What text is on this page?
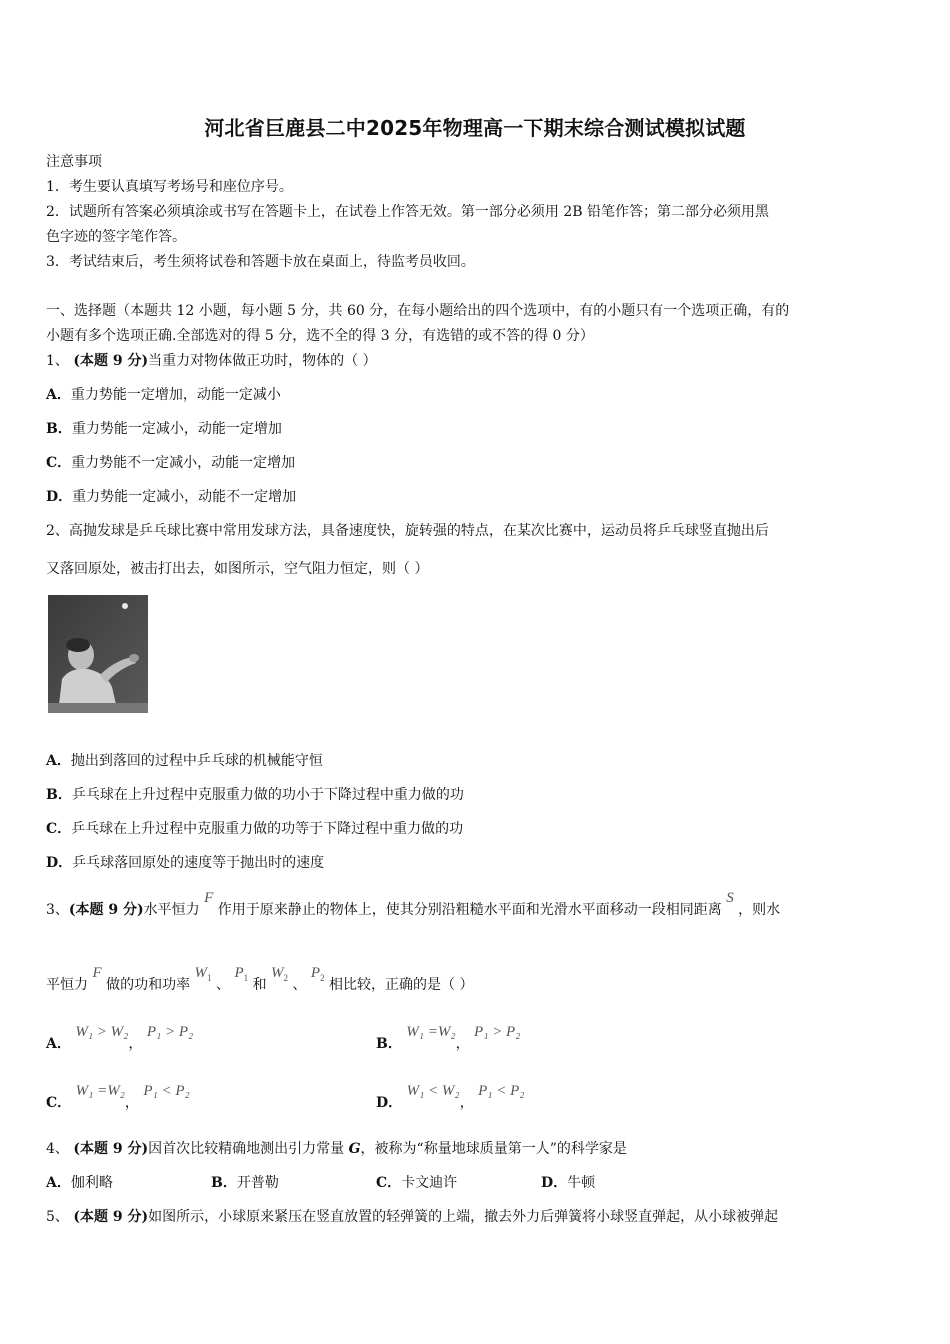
河北省巨鹿县二中2025年物理高一下期末综合测试模拟试题
注意事项
1．考生要认真填写考场号和座位序号。
2．试题所有答案必须填涂或书写在答题卡上，在试卷上作答无效。第一部分必须用 2B 铅笔作答；第二部分必须用黑
色字迹的签字笔作答。
3．考试结束后，考生须将试卷和答题卡放在桌面上，待监考员收回。
一、选择题（本题共 12 小题，每小题 5 分，共 60 分，在每小题给出的四个选项中，有的小题只有一个选项正确，有的
小题有多个选项正确.全部选对的得 5 分，选不全的得 3 分，有选错的或不答的得 0 分）
1、 (本题 9 分)当重力对物体做正功时，物体的（ ）
A．重力势能一定增加，动能一定减小
B．重力势能一定减小，动能一定增加
C．重力势能不一定减小，动能一定增加
D．重力势能一定减小，动能不一定增加
2、高抛发球是乒乓球比赛中常用发球方法，具备速度快，旋转强的特点，在某次比赛中，运动员将乒乓球竖直抛出后
又落回原处，被击打出去，如图所示，空气阻力恒定，则（ ）
A．抛出到落回的过程中乒乓球的机械能守恒
B．乒乓球在上升过程中克服重力做的功小于下降过程中重力做的功
C．乒乓球在上升过程中克服重力做的功等于下降过程中重力做的功
D．乒乓球落回原处的速度等于抛出时的速度
3、(本题 9 分)水平恒力 F 作用于原来静止的物体上，使其分别沿粗糙水平面和光滑水平面移动一段相同距离 S ，则水
平恒力 F 做的功和功率 $W_1$ 、 $P_1$ 和 $W_2$ 、 $P_2$ 相比较，正确的是（ ）
A． W₁ > W₂， P₁ > P₂
B． W₁ =W₂， P₁ > P₂
C． W₁ =W₂， P₁ < P₂
D． W₁ < W₂， P₁ < P₂
4、 (本题 9 分)因首次比较精确地测出引力常量 G，被称为“称量地球质量第一人”的科学家是
A．伽利略	B．开普勒	C．卡文迪许	D．牛顿
5、 (本题 9 分)如图所示，小球原来紧压在竖直放置的轻弹簧的上端，撤去外力后弹簧将小球竖直弹起，从小球被弹起
